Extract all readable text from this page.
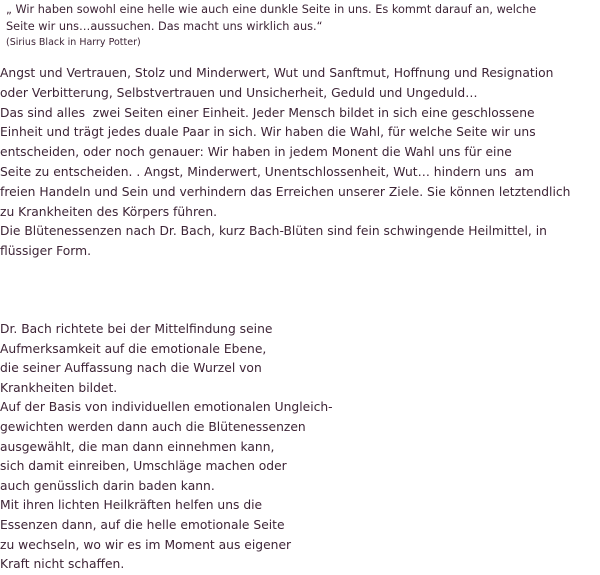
„ Wir haben sowohl eine helle wie auch eine dunkle Seite in uns. Es kommt darauf an, welche
Seite wir uns…aussuchen. Das macht uns wirklich aus.“
(Sirius Black in Harry Potter)
Angst und Vertrauen, Stolz und Minderwert, Wut und Sanftmut, Hoffnung und Resignation
oder Verbitterung, Selbstvertrauen und Unsicherheit, Geduld und Ungeduld…
Das sind alles  zwei Seiten einer Einheit. Jeder Mensch bildet in sich eine geschlossene
Einheit und trägt jedes duale Paar in sich. Wir haben die Wahl, für welche Seite wir uns
entscheiden, oder noch genauer: Wir haben in jedem Monent die Wahl uns für eine
Seite zu entscheiden. . Angst, Minderwert, Unentschlossenheit, Wut… hindern uns  am
freien Handeln und Sein und verhindern das Erreichen unserer Ziele. Sie können letztendlich
zu Krankheiten des Körpers führen.
Die Blütenessenzen nach Dr. Bach, kurz Bach-Blüten sind fein schwingende Heilmittel, in
flüssiger Form.
Dr. Bach richtete bei der Mittelfindung seine
Aufmerksamkeit auf die emotionale Ebene,
die seiner Auffassung nach die Wurzel von
Krankheiten bildet.
Auf der Basis von individuellen emotionalen Ungleich-
gewichten werden dann auch die Blütenessenzen
ausgewählt, die man dann einnehmen kann,
sich damit einreiben, Umschläge machen oder
auch genüsslich darin baden kann.
Mit ihren lichten Heilkräften helfen uns die
Essenzen dann, auf die helle emotionale Seite
zu wechseln, wo wir es im Moment aus eigener
Kraft nicht schaffen.
